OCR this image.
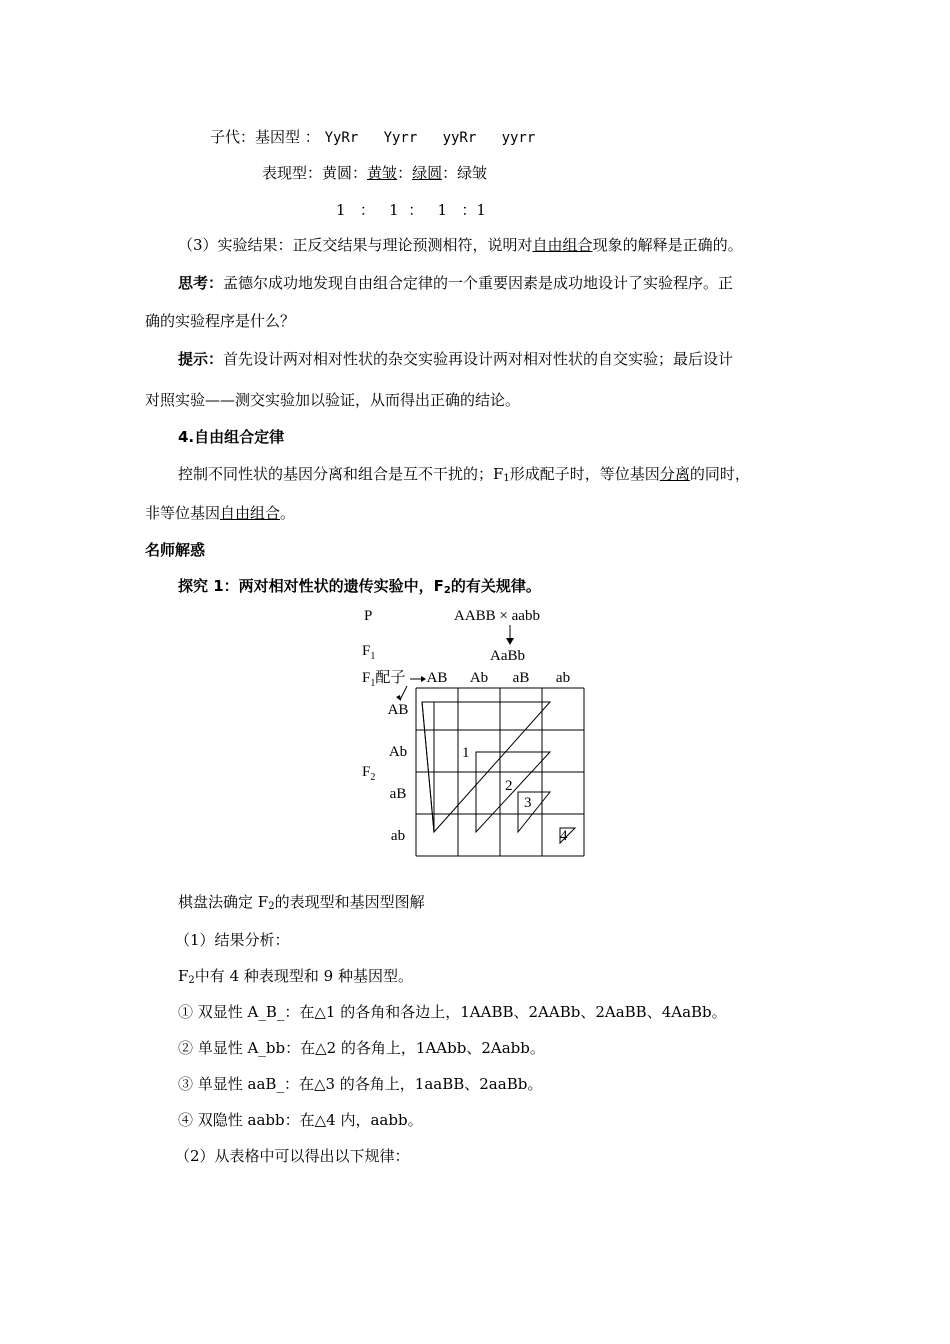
子代：基因型 ： YyRr   Yyrr   yyRr   yyrr
表现型：黄圆：黄皱：绿圆：绿皱
1   ：   1  ：   1   ：1
（3）实验结果：正反交结果与理论预测相符，说明对自由组合现象的解释是正确的。
思考：孟德尔成功地发现自由组合定律的一个重要因素是成功地设计了实验程序。正
确的实验程序是什么？
提示：首先设计两对相对性状的杂交实验再设计两对相对性状的自交实验；最后设计
对照实验——测交实验加以验证，从而得出正确的结论。
4.自由组合定律
控制不同性状的基因分离和组合是互不干扰的；$F_1$形成配子时，等位基因分离的同时，
非等位基因自由组合。
名师解惑
探究 1：两对相对性状的遗传实验中，$F_2$的有关规律。
P	AABB × aabb
$F_1$	AaBb
$F_1$配子 AB Ab aB ab
AB
Ab
aB
ab
$F_2$
1
2
3
4
棋盘法确定 $F_2$的表现型和基因型图解
（1）结果分析：
$F_2$中有 4 种表现型和 9 种基因型。
① 双显性 A_B_：在△1 的各角和各边上，1AABB、2AABb、2AaBB、4AaBb。
② 单显性 A_bb：在△2 的各角上，1AAbb、2Aabb。
③ 单显性 aaB_：在△3 的各角上，1aaBB、2aaBb。
④ 双隐性 aabb：在△4 内，aabb。
（2）从表格中可以得出以下规律：
